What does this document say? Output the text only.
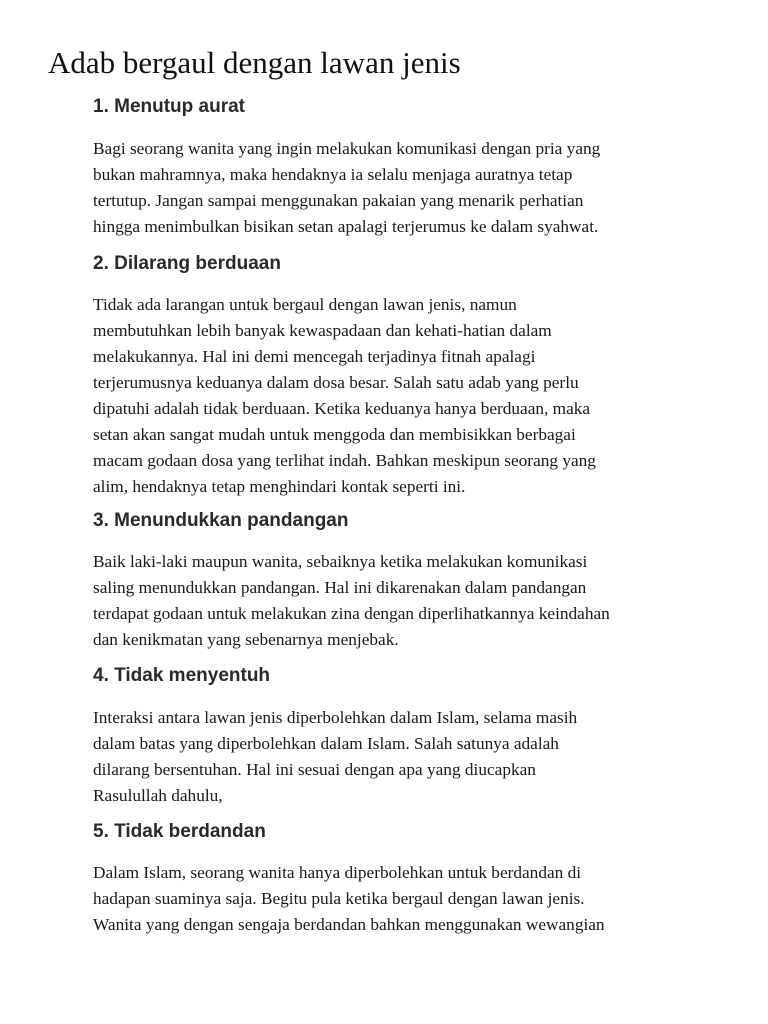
Adab bergaul dengan lawan jenis
1. Menutup aurat

Bagi seorang wanita yang ingin melakukan komunikasi dengan pria yang
bukan mahramnya, maka hendaknya ia selalu menjaga auratnya tetap
tertutup. Jangan sampai menggunakan pakaian yang menarik perhatian
hingga menimbulkan bisikan setan apalagi terjerumus ke dalam syahwat.

2. Dilarang berduaan

Tidak ada larangan untuk bergaul dengan lawan jenis, namun
membutuhkan lebih banyak kewaspadaan dan kehati-hatian dalam
melakukannya. Hal ini demi mencegah terjadinya fitnah apalagi
terjerumusnya keduanya dalam dosa besar. Salah satu adab yang perlu
dipatuhi adalah tidak berduaan. Ketika keduanya hanya berduaan, maka
setan akan sangat mudah untuk menggoda dan membisikkan berbagai
macam godaan dosa yang terlihat indah. Bahkan meskipun seorang yang
alim, hendaknya tetap menghindari kontak seperti ini.

3. Menundukkan pandangan

Baik laki-laki maupun wanita, sebaiknya ketika melakukan komunikasi
saling menundukkan pandangan. Hal ini dikarenakan dalam pandangan
terdapat godaan untuk melakukan zina dengan diperlihatkannya keindahan
dan kenikmatan yang sebenarnya menjebak.

4. Tidak menyentuh

Interaksi antara lawan jenis diperbolehkan dalam Islam, selama masih
dalam batas yang diperbolehkan dalam Islam. Salah satunya adalah
dilarang bersentuhan. Hal ini sesuai dengan apa yang diucapkan
Rasulullah dahulu,

5. Tidak berdandan

Dalam Islam, seorang wanita hanya diperbolehkan untuk berdandan di
hadapan suaminya saja. Begitu pula ketika bergaul dengan lawan jenis.
Wanita yang dengan sengaja berdandan bahkan menggunakan wewangian
